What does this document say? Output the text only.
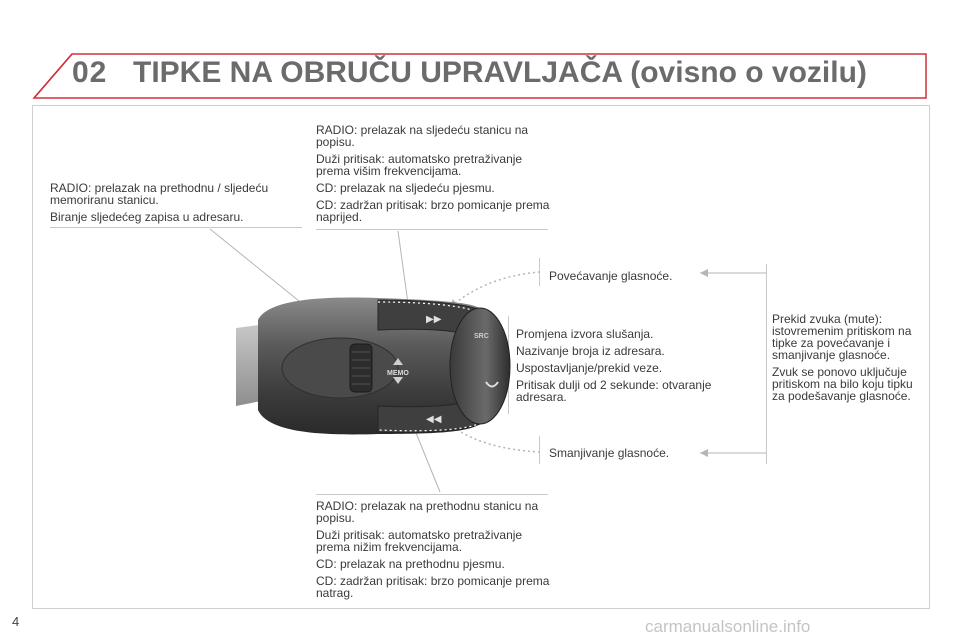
02 TIPKE NA OBRUČU UPRAVLJAČA (ovisno o vozilu)

RADIO: prelazak na prethodnu / sljedeću memoriranu stanicu.

Biranje sljedećeg zapisa u adresaru.

RADIO: prelazak na sljedeću stanicu na popisu.

Duži pritisak: automatsko pretraživanje prema višim frekvencijama.

CD: prelazak na sljedeću pjesmu.

CD: zadržan pritisak: brzo pomicanje prema naprijed.

Povećavanje glasnoće.

Promjena izvora slušanja.

Nazivanje broja iz adresara.

Uspostavljanje/prekid veze.

Pritisak dulji od 2 sekunde: otvaranje adresara.

Prekid zvuka (mute): istovremenim pritiskom na tipke za povećavanje i smanjivanje glasnoće.

Zvuk se ponovo uključuje pritiskom na bilo koju tipku za podešavanje glasnoće.

Smanjivanje glasnoće.

RADIO: prelazak na prethodnu stanicu na popisu.

Duži pritisak: automatsko pretraživanje prema nižim frekvencijama.

CD: prelazak na prethodnu pjesmu.

CD: zadržan pritisak: brzo pomicanje prema natrag.

MEMO
▶▶
◀◀
SRC
4	carmanualsonline.info
